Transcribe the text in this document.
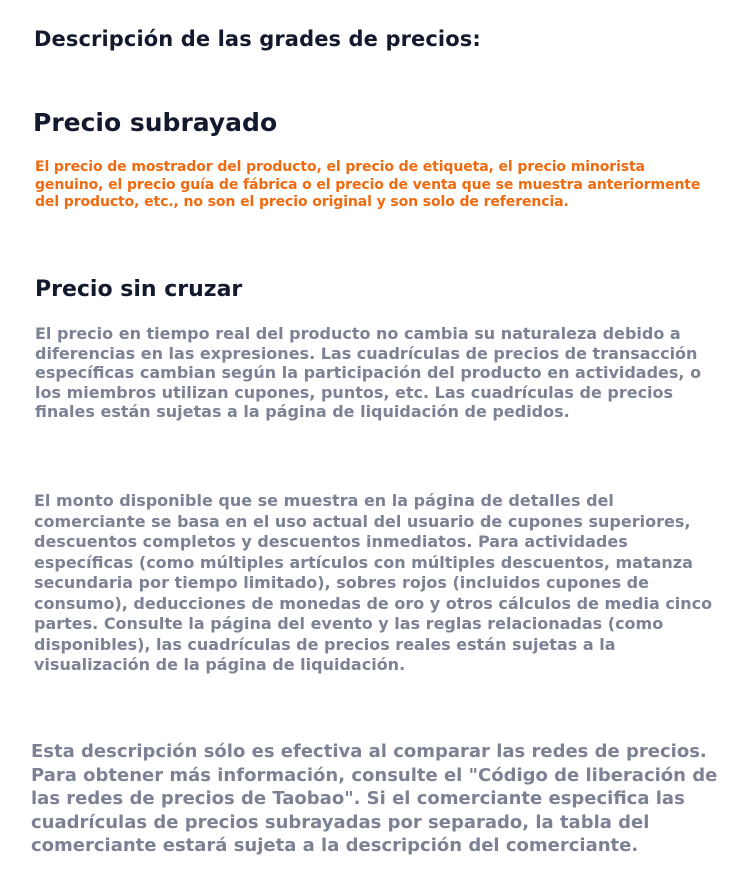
Descripción de las grades de precios:
Precio subrayado
El precio de mostrador del producto, el precio de etiqueta, el precio minorista genuino, el precio guía de fábrica o el precio de venta que se muestra anteriormente del producto, etc., no son el precio original y son solo de referencia.
Precio sin cruzar
El precio en tiempo real del producto no cambia su naturaleza debido a diferencias en las expresiones. Las cuadrículas de precios de transacción específicas cambian según la participación del producto en actividades, o los miembros utilizan cupones, puntos, etc. Las cuadrículas de precios finales están sujetas a la página de liquidación de pedidos.
El monto disponible que se muestra en la página de detalles del comerciante se basa en el uso actual del usuario de cupones superiores, descuentos completos y descuentos inmediatos. Para actividades específicas (como múltiples artículos con múltiples descuentos, matanza secundaria por tiempo limitado), sobres rojos (incluidos cupones de consumo), deducciones de monedas de oro y otros cálculos de media cinco partes. Consulte la página del evento y las reglas relacionadas (como disponibles), las cuadrículas de precios reales están sujetas a la visualización de la página de liquidación.
Esta descripción sólo es efectiva al comparar las redes de precios. Para obtener más información, consulte el "Código de liberación de las redes de precios de Taobao". Si el comerciante especifica las cuadrículas de precios subrayadas por separado, la tabla del comerciante estará sujeta a la descripción del comerciante.
